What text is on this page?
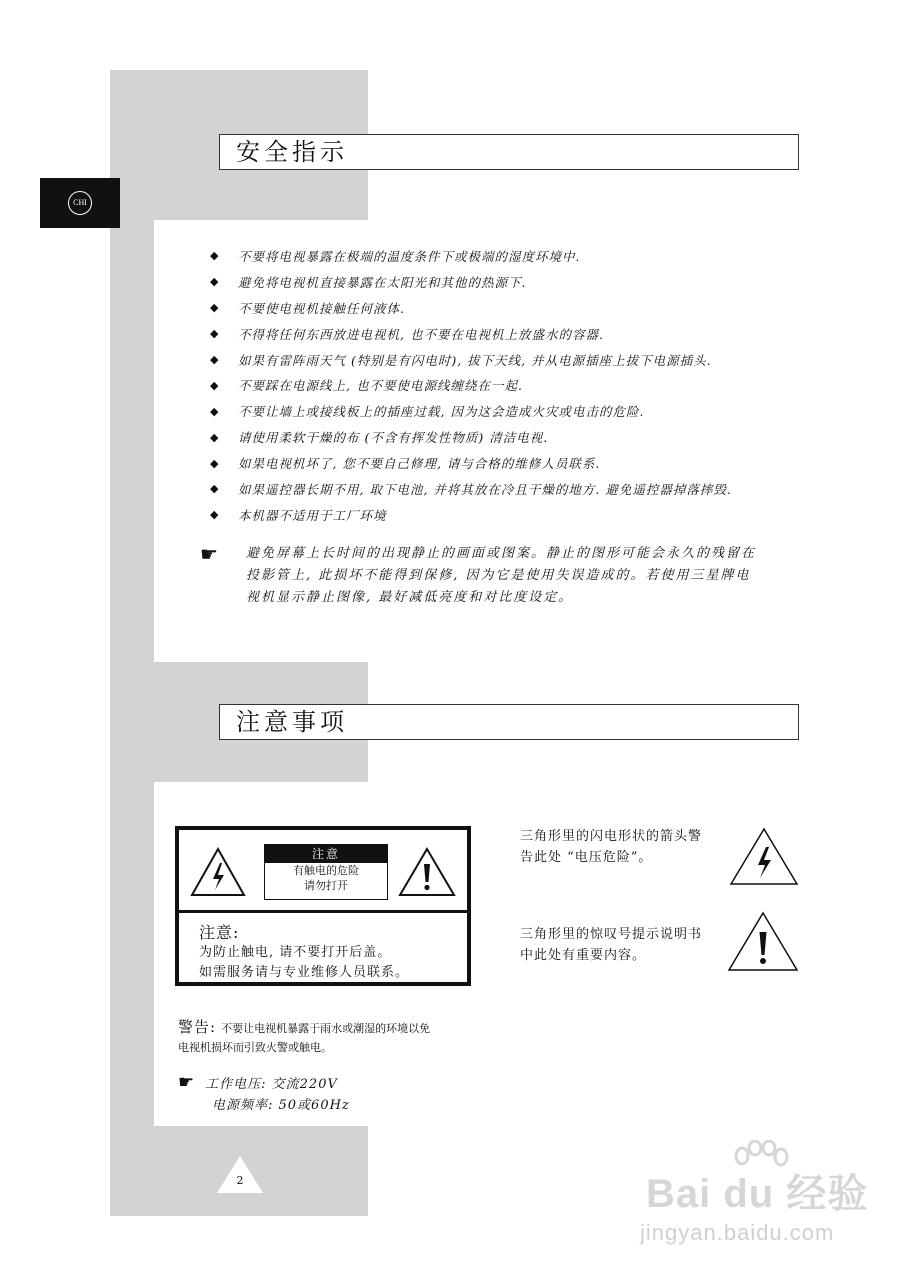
CHI
安全指示
◆	不要将电视暴露在极端的温度条件下或极端的湿度环境中.
◆	避免将电视机直接暴露在太阳光和其他的热源下.
◆	不要使电视机接触任何液体.
◆	不得将任何东西放进电视机, 也不要在电视机上放盛水的容器.
◆	如果有雷阵雨天气 (特别是有闪电时), 拔下天线, 并从电源插座上拔下电源插头.
◆	不要踩在电源线上, 也不要使电源线缠绕在一起.
◆	不要让墙上或接线板上的插座过载, 因为这会造成火灾或电击的危险.
◆	请使用柔软干燥的布 (不含有挥发性物质) 清洁电视.
◆	如果电视机坏了, 您不要自己修理, 请与合格的维修人员联系.
◆	如果遥控器长期不用, 取下电池, 并将其放在冷且干燥的地方. 避免遥控器掉落摔毁.
◆	本机器不适用于工厂环境
☛ 避免屏幕上长时间的出现静止的画面或图案。静止的图形可能会永久的残留在
投影管上, 此损坏不能得到保修, 因为它是使用失误造成的。若使用三星牌电
视机显示静止图像, 最好减低亮度和对比度设定。
注意事项
注意
有触电的危险
请勿打开
注意:
为防止触电, 请不要打开后盖。
如需服务请与专业维修人员联系。
三角形里的闪电形状的箭头警
告此处 “电压危险”。
三角形里的惊叹号提示说明书
中此处有重要内容。
警告: 不要让电视机暴露于雨水或潮湿的环境以免
电视机损坏而引致火警或触电。
☛ 工作电压: 交流220V
电源频率: 50或60Hz
2	Bai du 经验
jingyan.baidu.com
